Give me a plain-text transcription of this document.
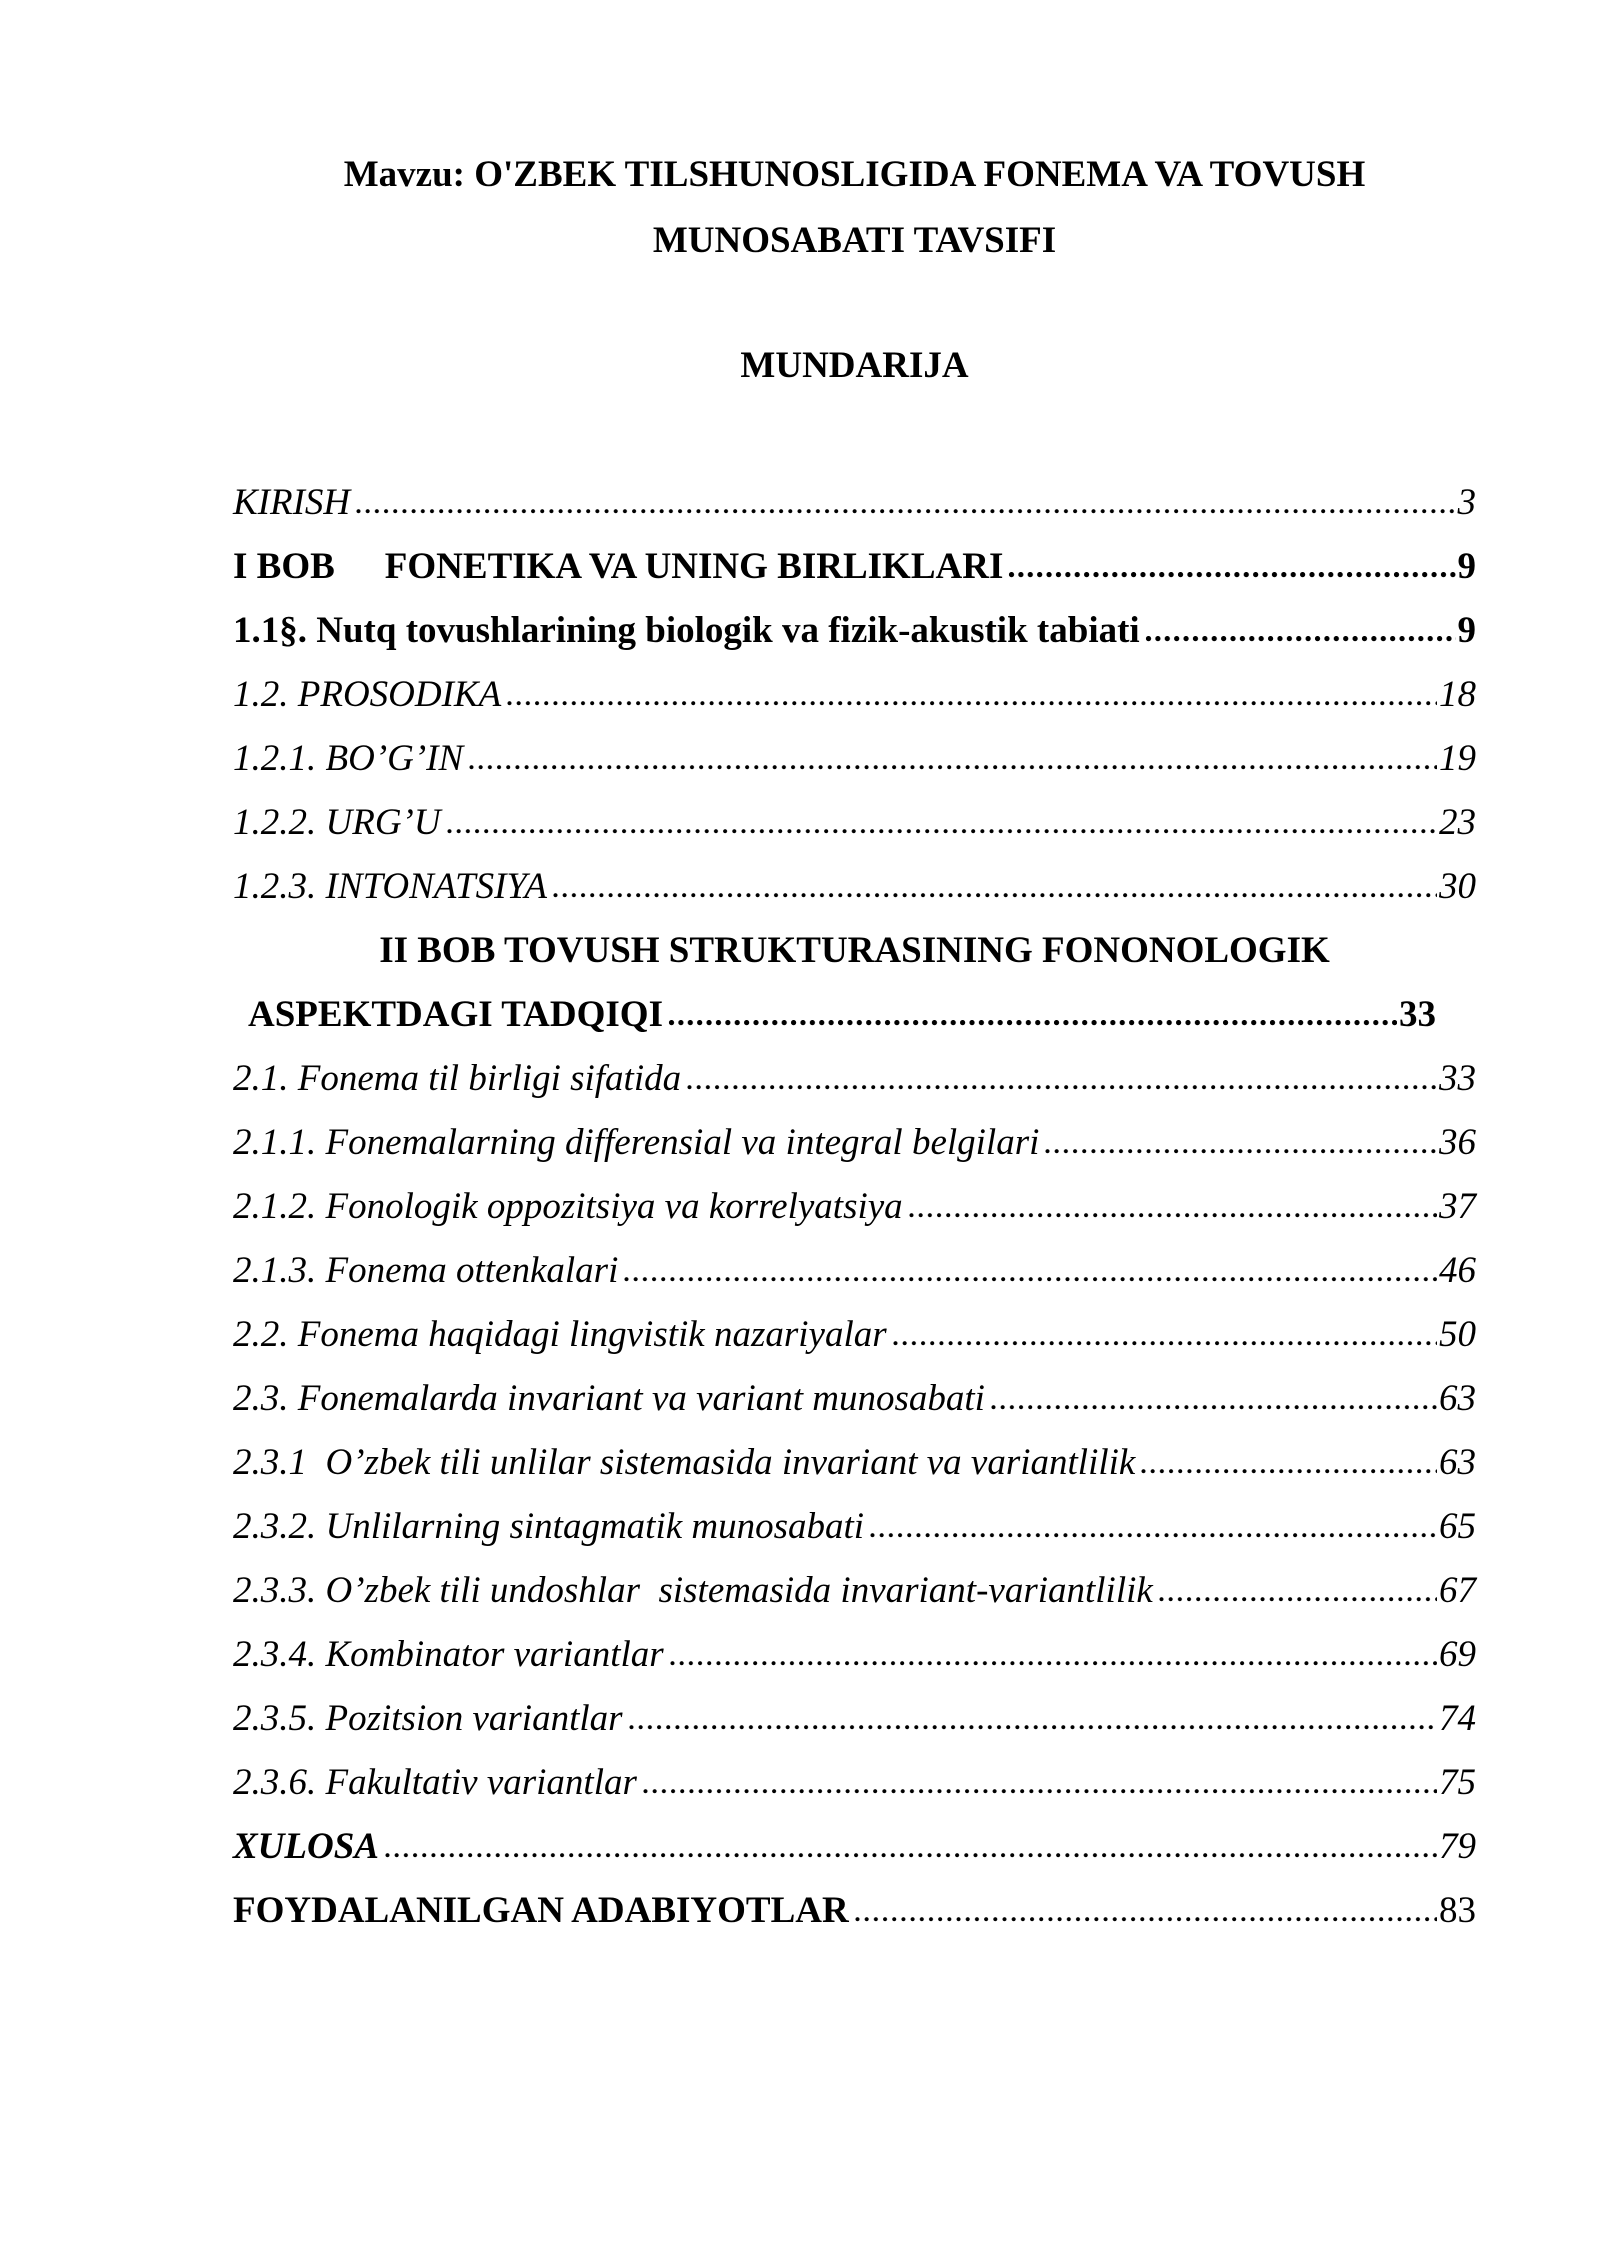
Mavzu: O'ZBEK TILSHUNOSLIGIDA FONEMA VA TOVUSH
MUNOSABATI TAVSIFI
MUNDARIJA
KIRISH	3
I BOB FONETIKA VA UNING BIRLIKLARI	9
1.1§. Nutq tovushlarining biologik va fizik-akustik tabiati	9
1.2. PROSODIKA	18
1.2.1. BO’G’IN	19
1.2.2. URG’U	23
1.2.3. INTONATSIYA	30
II BOB TOVUSH STRUKTURASINING FONONOLOGIK
ASPEKTDAGI TADQIQI	33
2.1. Fonema til birligi sifatida	33
2.1.1. Fonemalarning differensial va integral belgilari	36
2.1.2. Fonologik oppozitsiya va korrelyatsiya	37
2.1.3. Fonema ottenkalari	46
2.2. Fonema haqidagi lingvistik nazariyalar	50
2.3. Fonemalarda invariant va variant munosabati	63
2.3.1  O’zbek tili unlilar sistemasida invariant va variantlilik	63
2.3.2. Unlilarning sintagmatik munosabati	65
2.3.3. O’zbek tili undoshlar  sistemasida invariant-variantlilik	67
2.3.4. Kombinator variantlar	69
2.3.5. Pozitsion variantlar	74
2.3.6. Fakultativ variantlar	75
XULOSA	79
FOYDALANILGAN ADABIYOTLAR	83
